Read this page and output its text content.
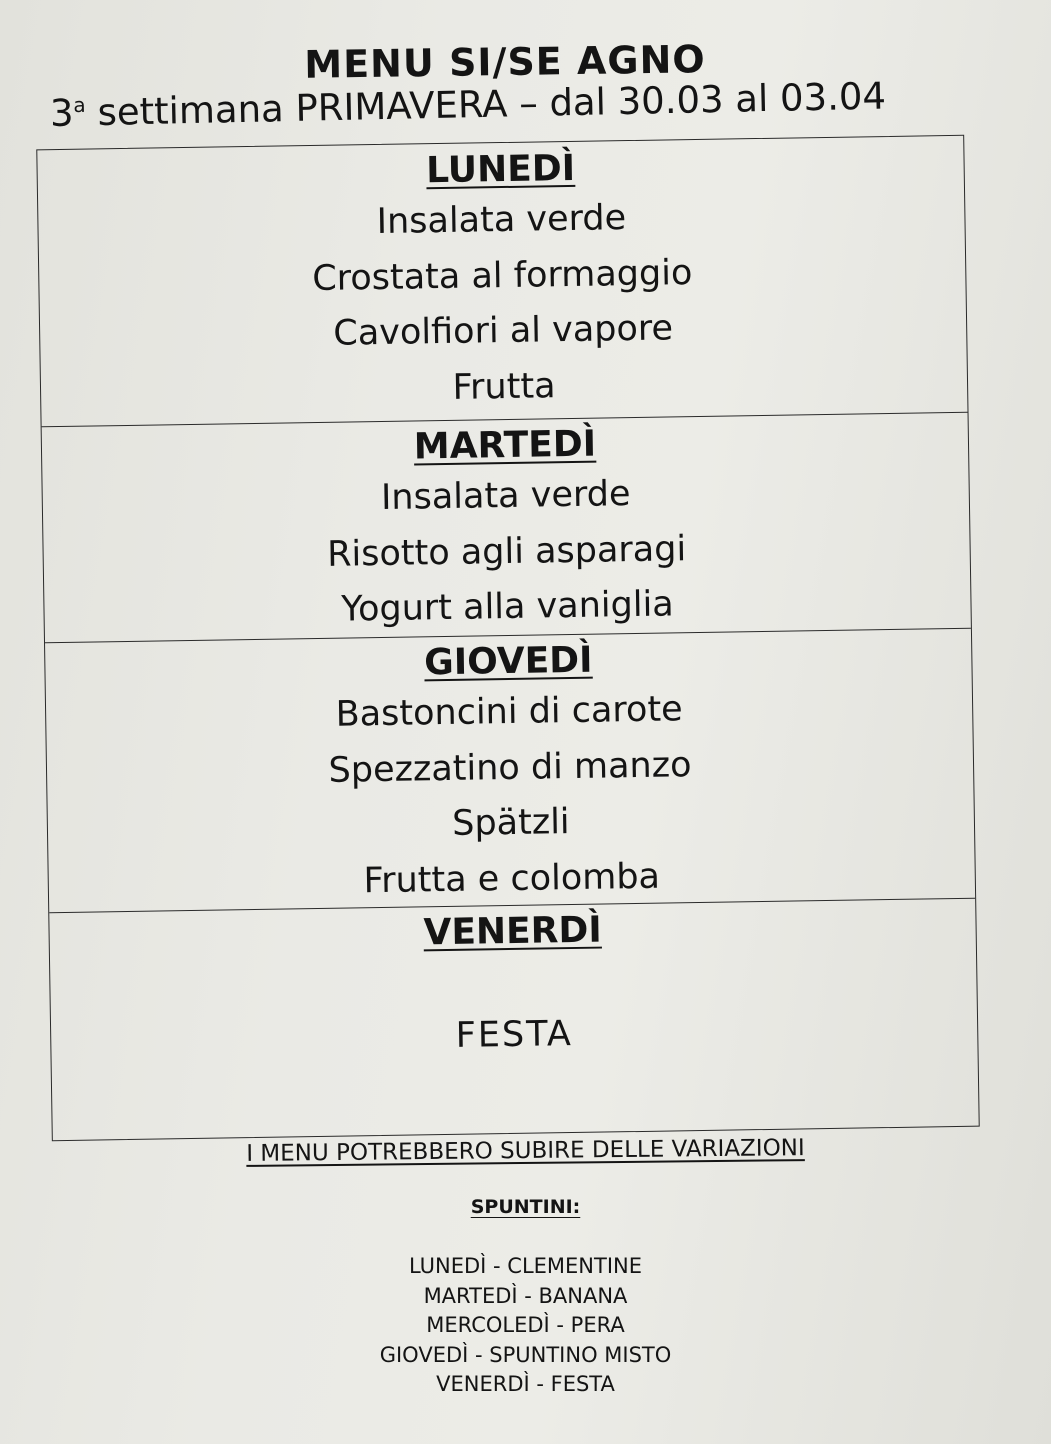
MENU SI/SE AGNO
3$^a$ settimana PRIMAVERA – dal 30.03 al 03.04
LUNEDÌ
Insalata verde
Crostata al formaggio
Cavolfiori al vapore
Frutta
MARTEDÌ
Insalata verde
Risotto agli asparagi
Yogurt alla vaniglia
GIOVEDÌ
Bastoncini di carote
Spezzatino di manzo
Spätzli
Frutta e colomba
VENERDÌ
FESTA
I MENU POTREBBERO SUBIRE DELLE VARIAZIONI
SPUNTINI:
LUNEDÌ - CLEMENTINE
MARTEDÌ - BANANA
MERCOLEDÌ - PERA
GIOVEDÌ - SPUNTINO MISTO
VENERDÌ - FESTA
